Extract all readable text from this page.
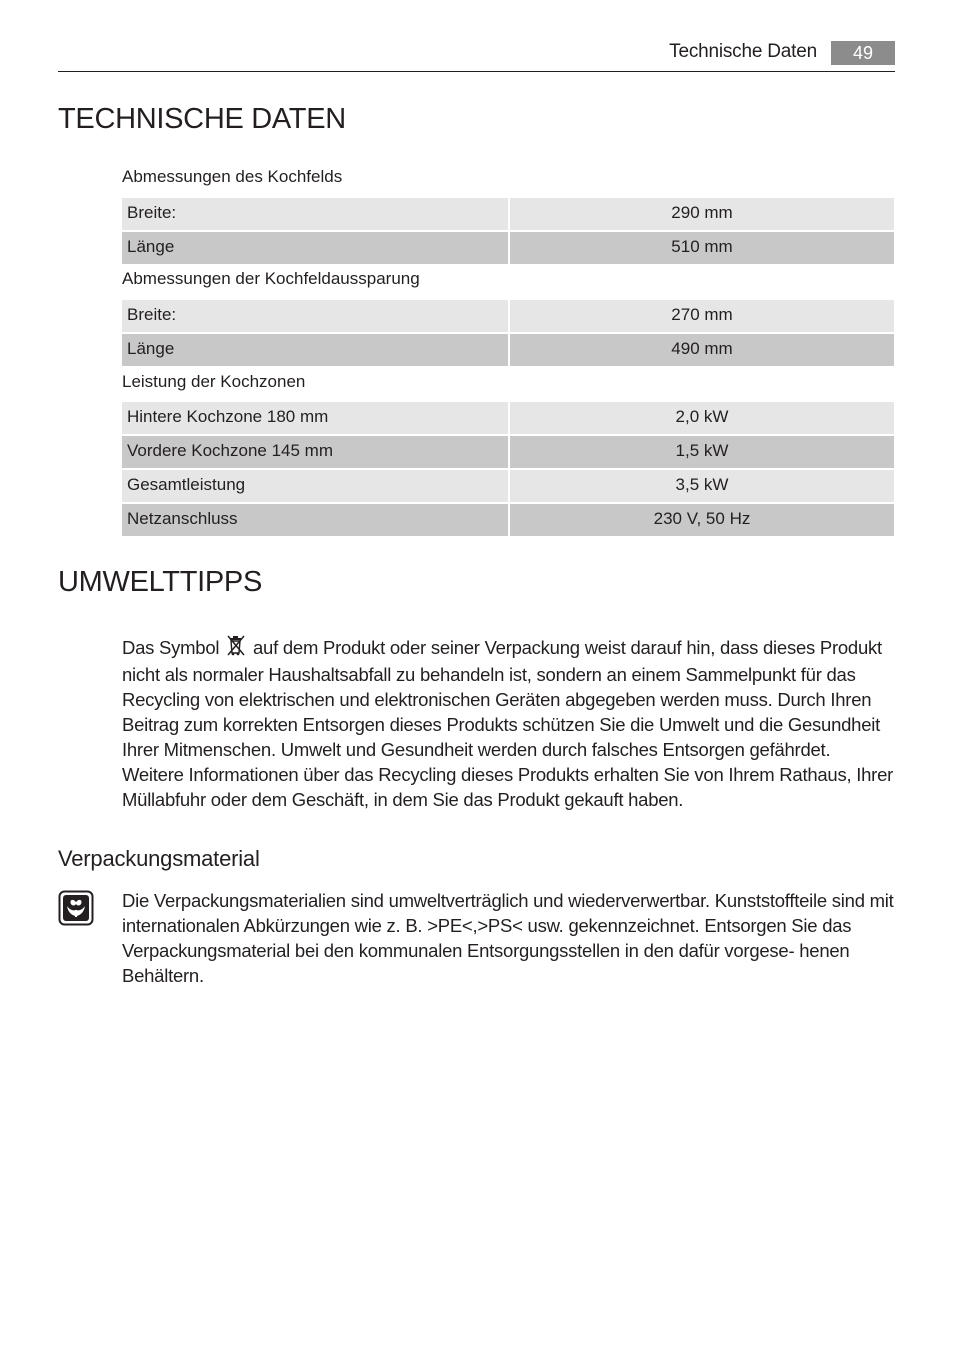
Technische Daten	49
TECHNISCHE DATEN
Abmessungen des Kochfelds
Breite:	290 mm
Länge	510 mm
Abmessungen der Kochfeldaussparung
Breite:	270 mm
Länge	490 mm
Leistung der Kochzonen
Hintere Kochzone 180 mm	2,0 kW
Vordere Kochzone 145 mm	1,5 kW
Gesamtleistung	3,5 kW
Netzanschluss	230 V, 50 Hz
UMWELTTIPPS
Das Symbol auf dem Produkt oder seiner Verpackung weist darauf hin, dass dieses Produkt nicht als normaler Haushaltsabfall zu behandeln ist, sondern an einem Sammelpunkt für das Recycling von elektrischen und elektronischen Geräten abgegeben werden muss. Durch Ihren Beitrag zum korrekten Entsorgen dieses Produkts schützen Sie die Umwelt und die Gesundheit Ihrer Mitmenschen. Umwelt und Gesundheit werden durch falsches Entsorgen gefährdet. Weitere Informationen über das Recycling dieses Produkts erhalten Sie von Ihrem Rathaus, Ihrer Müllabfuhr oder dem Geschäft, in dem Sie das Produkt gekauft haben.
Verpackungsmaterial
Die Verpackungsmaterialien sind umweltverträglich und wiederverwertbar. Kunststoffteile sind mit internationalen Abkürzungen wie z. B. >PE<,>PS< usw. gekennzeichnet. Entsorgen Sie das Verpackungsmaterial bei den kommunalen Entsorgungsstellen in den dafür vorgese- henen Behältern.
